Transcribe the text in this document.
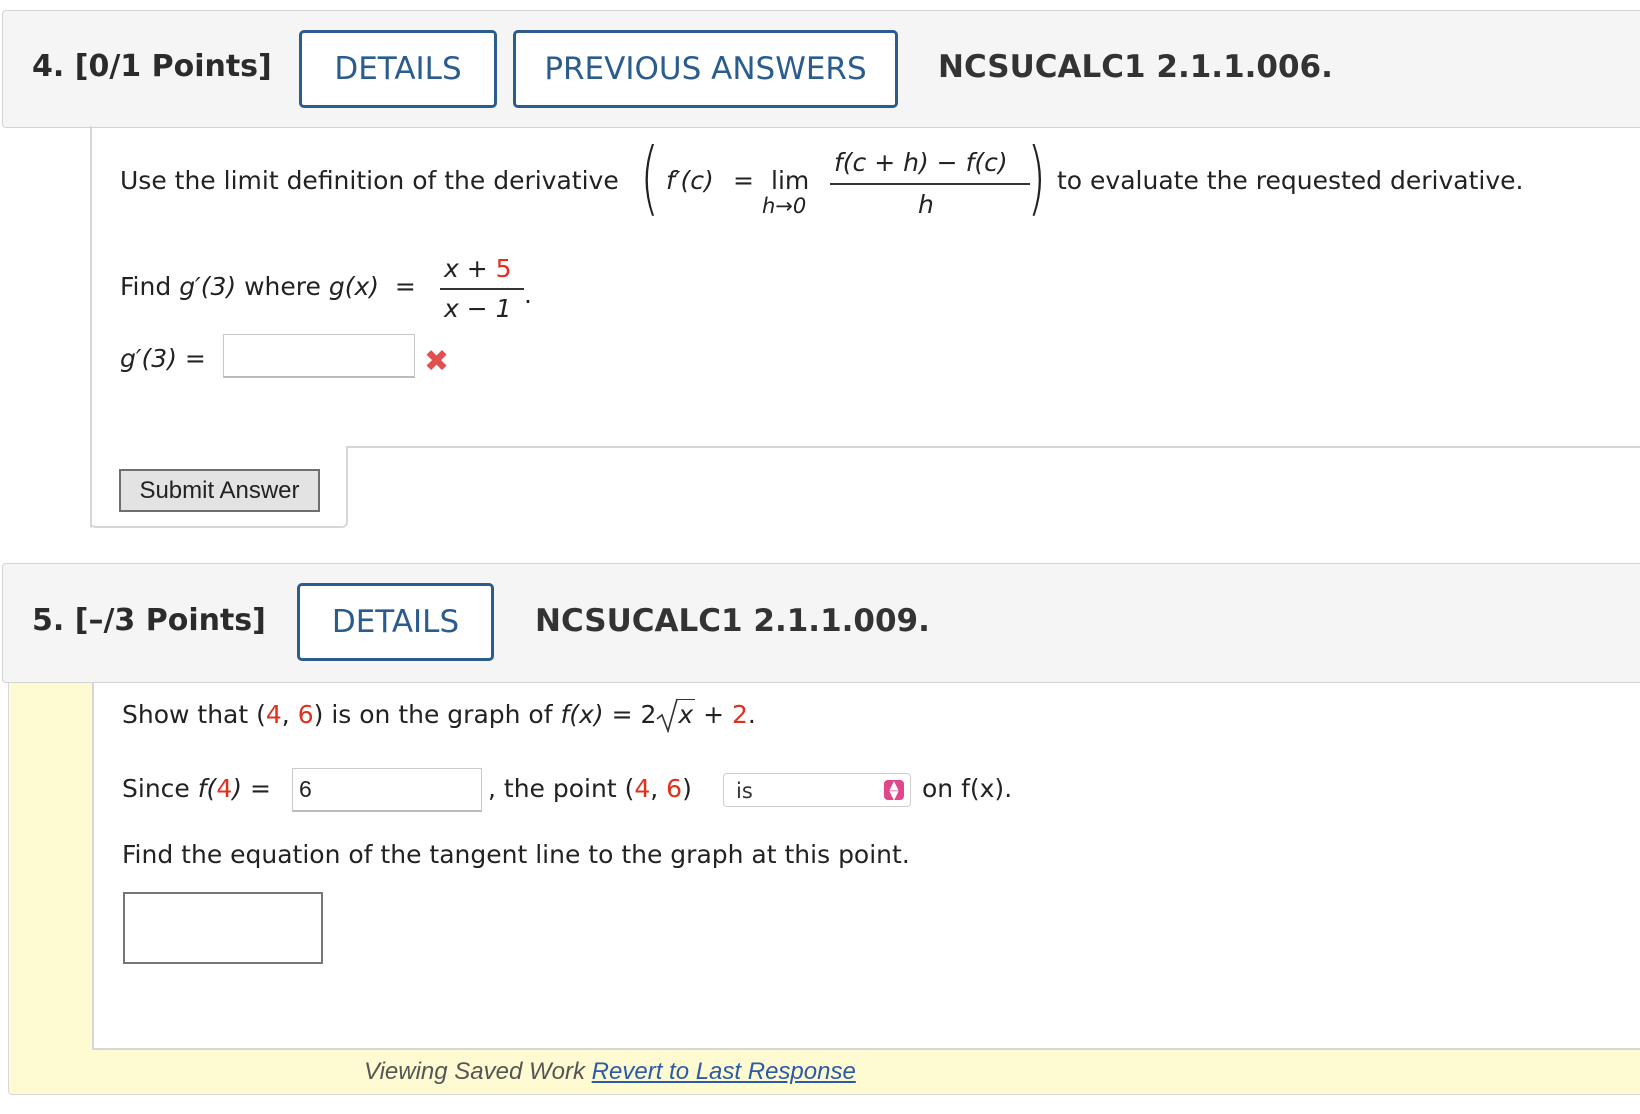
4. [0/1 Points]	DETAILS	PREVIOUS ANSWERS	NCSUCALC1 2.1.1.006.
Use the limit definition of the derivative ( f′(c) = lim
h→0
f(c + h) − f(c)
h ) to evaluate the requested derivative.
Find g′(3) where g(x)  =
x + 5
x − 1 .
g′(3) =	✖
Submit Answer
5. [–/3 Points]	DETAILS	NCSUCALC1 2.1.1.009.
Show that (4, 6) is on the graph of f(x) = 2 x + 2.
Since f(4) =
6	, the point (4, 6) is	▲
▼ on f(x).
Find the equation of the tangent line to the graph at this point.
Viewing Saved Work Revert to Last Response
